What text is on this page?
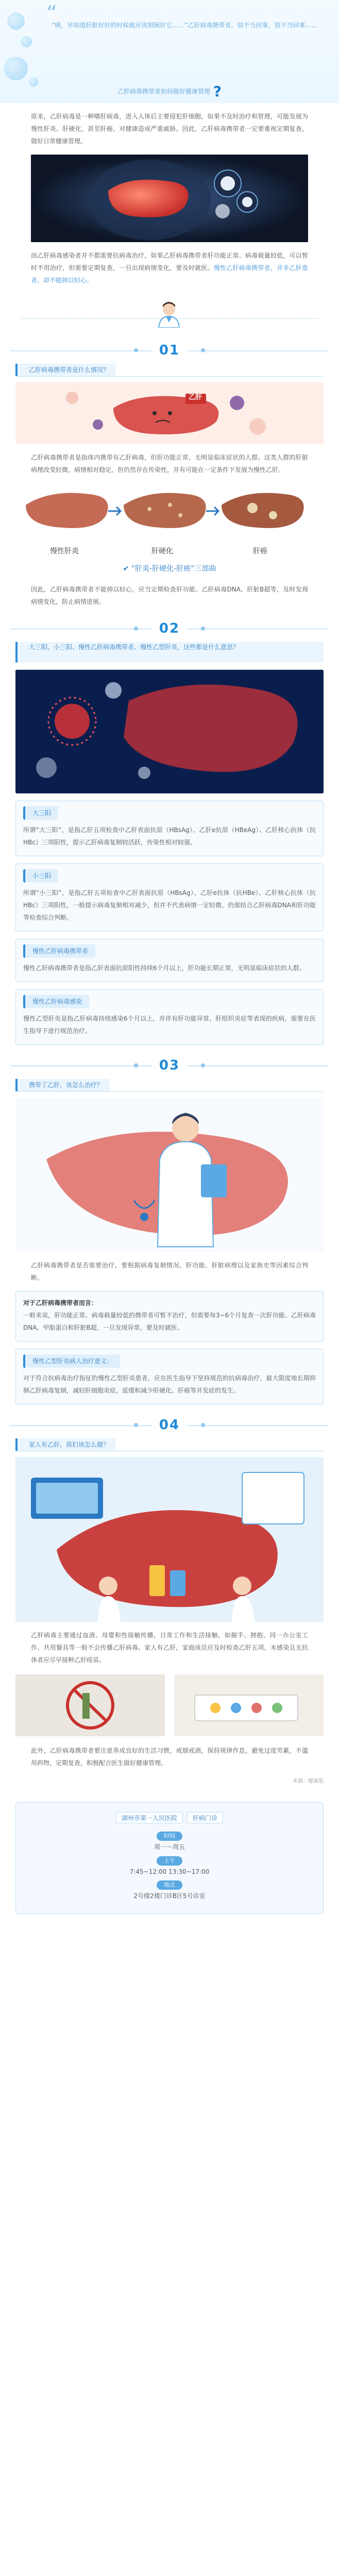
“
“咦，早知道肝脏好好的时候就应该照顾好它……”乙肝病毒携带者，别不当回事，别不当回事……
乙肝病毒携带者如何做好健康管理 ?

原来，乙肝病毒是一种嗜肝病毒，进入人体后主要侵犯肝细胞，如果不及时治疗和管理，可能发展为慢性肝炎、肝硬化，甚至肝癌，对健康造成严重威胁。因此，乙肝病毒携带者一定要重视定期复查，做好日常健康管理。

而乙肝病毒感染者并不都需要抗病毒治疗，如果乙肝病毒携带者肝功能正常、病毒载量较低，可以暂时不用治疗，但需要定期复查，一旦出现病情变化，要及时就医。慢性乙肝病毒携带者，并非乙肝患者，却不能掉以轻心。

01
乙肝病毒携带者是什么情况？
乙肝

乙肝病毒携带者是指体内携带有乙肝病毒，但肝功能正常、无明显临床症状的人群。这类人群的肝脏病理改变轻微，病情相对稳定，但仍然存在传染性，并有可能在一定条件下发展为慢性乙肝。

慢性肝炎	肝硬化	肝癌
✔ “肝炎-肝硬化-肝癌”三部曲

因此，乙肝病毒携带者不能掉以轻心，应当定期检查肝功能、乙肝病毒DNA、肝脏B超等，及时发现病情变化，防止病情进展。

02
大三阳、小三阳、慢性乙肝病毒携带者、慢性乙型肝炎，这些都是什么意思？
大三阳

所谓“大三阳”，是指乙肝五项检查中乙肝表面抗原（HBsAg）、乙肝e抗原（HBeAg）、乙肝核心抗体（抗HBc）三项阳性，提示乙肝病毒复制较活跃，传染性相对较强。

小三阳

所谓“小三阳”，是指乙肝五项检查中乙肝表面抗原（HBsAg）、乙肝e抗体（抗HBe）、乙肝核心抗体（抗HBc）三项阳性，一般提示病毒复制相对减少，但并不代表病情一定轻微，仍需结合乙肝病毒DNA和肝功能等检查综合判断。

慢性乙肝病毒携带者

慢性乙肝病毒携带者是指乙肝表面抗原阳性持续6个月以上，肝功能长期正常，无明显临床症状的人群。

慢性乙肝病毒感染

慢性乙型肝炎是指乙肝病毒持续感染6个月以上，并伴有肝功能异常、肝组织炎症等表现的疾病，需要在医生指导下进行规范治疗。

03
携带了乙肝，该怎么治疗？

乙肝病毒携带者是否需要治疗，要根据病毒复制情况、肝功能、肝脏病理以及家族史等因素综合判断。

对于乙肝病毒携带者而言：

一般来说，肝功能正常、病毒载量较低的携带者可暂不治疗，但需要每3~6个月复查一次肝功能、乙肝病毒DNA、甲胎蛋白和肝脏B超，一旦发现异常，要及时就医。

慢性乙型肝炎病人治疗意义：

对于符合抗病毒治疗指征的慢性乙型肝炎患者，应在医生指导下坚持规范的抗病毒治疗，最大限度地长期抑制乙肝病毒复制，减轻肝细胞炎症，延缓和减少肝硬化、肝癌等并发症的发生。

04
家人有乙肝，我们该怎么做？

乙肝病毒主要通过血液、母婴和性接触传播，日常工作和生活接触，如握手、拥抱、同一办公室工作、共用餐具等一般不会传播乙肝病毒。家人有乙肝，家庭成员应及时检查乙肝五项，未感染且无抗体者应尽早接种乙肝疫苗。

此外，乙肝病毒携带者要注意养成良好的生活习惯，戒烟戒酒，保持规律作息，避免过度劳累，不滥用药物，定期复查，积极配合医生做好健康管理。

来源：健康报
湖州市第一人民医院	肝病门诊
时间
周一～周五
上午
7:45~12:00 13:30~17:00
地点
2号楼2楼门诊B区5号诊室
